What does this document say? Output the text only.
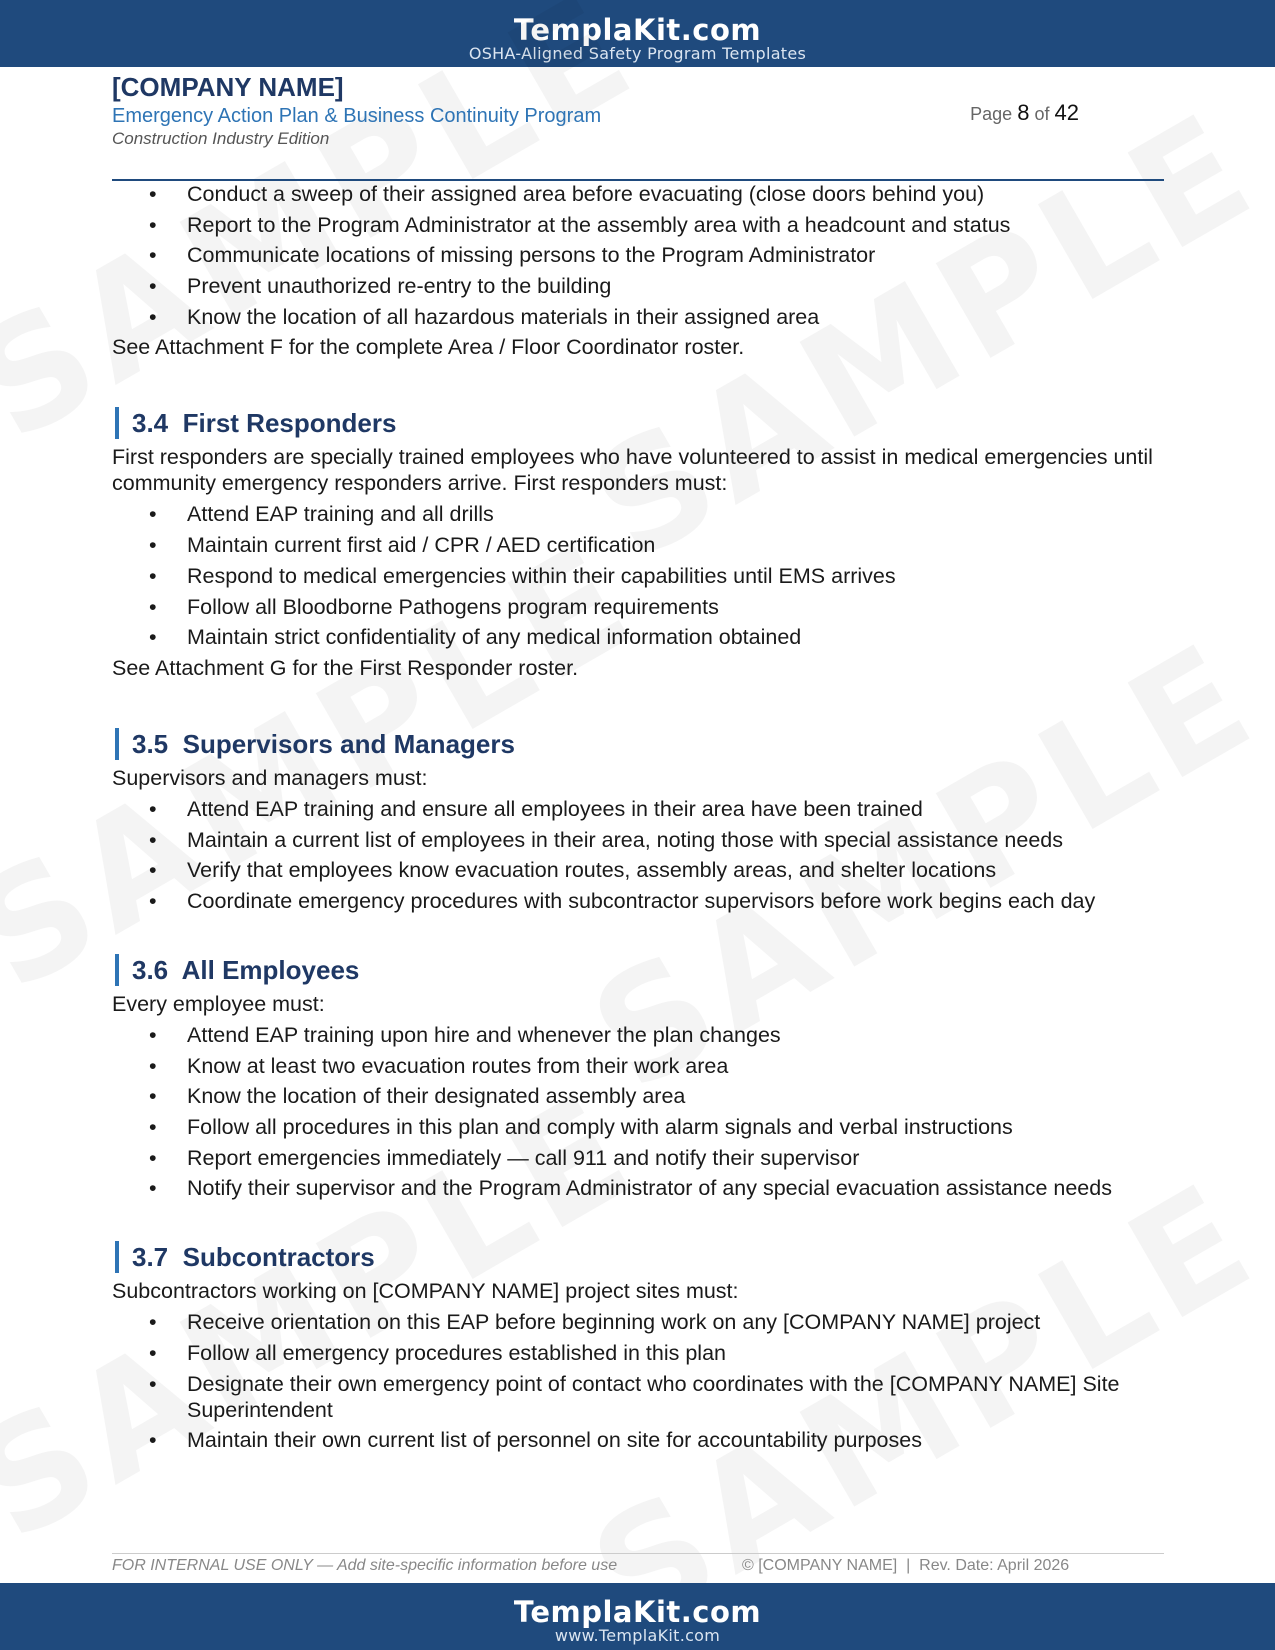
TemplaKit.com
OSHA-Aligned Safety Program Templates
[COMPANY NAME]
Emergency Action Plan & Business Continuity Program
Construction Industry Edition
Page 8 of 42
• Conduct a sweep of their assigned area before evacuating (close doors behind you)
• Report to the Program Administrator at the assembly area with a headcount and status
• Communicate locations of missing persons to the Program Administrator
• Prevent unauthorized re-entry to the building
• Know the location of all hazardous materials in their assigned area

See Attachment F for the complete Area / Floor Coordinator roster.

3.4 First Responders

First responders are specially trained employees who have volunteered to assist in medical emergencies until community emergency responders arrive. First responders must:

• Attend EAP training and all drills
• Maintain current first aid / CPR / AED certification
• Respond to medical emergencies within their capabilities until EMS arrives
• Follow all Bloodborne Pathogens program requirements
• Maintain strict confidentiality of any medical information obtained

See Attachment G for the First Responder roster.

3.5 Supervisors and Managers

Supervisors and managers must:

• Attend EAP training and ensure all employees in their area have been trained
• Maintain a current list of employees in their area, noting those with special assistance needs
• Verify that employees know evacuation routes, assembly areas, and shelter locations
• Coordinate emergency procedures with subcontractor supervisors before work begins each day
3.6 All Employees

Every employee must:

• Attend EAP training upon hire and whenever the plan changes
• Know at least two evacuation routes from their work area
• Know the location of their designated assembly area
• Follow all procedures in this plan and comply with alarm signals and verbal instructions
• Report emergencies immediately — call 911 and notify their supervisor
• Notify their supervisor and the Program Administrator of any special evacuation assistance needs
3.7 Subcontractors

Subcontractors working on [COMPANY NAME] project sites must:

• Receive orientation on this EAP before beginning work on any [COMPANY NAME] project
• Follow all emergency procedures established in this plan
• Designate their own emergency point of contact who coordinates with the [COMPANY NAME] Site Superintendent
• Maintain their own current list of personnel on site for accountability purposes
FOR INTERNAL USE ONLY — Add site-specific information before use	© [COMPANY NAME]  |  Rev. Date: April 2026
TemplaKit.com
www.TemplaKit.com
